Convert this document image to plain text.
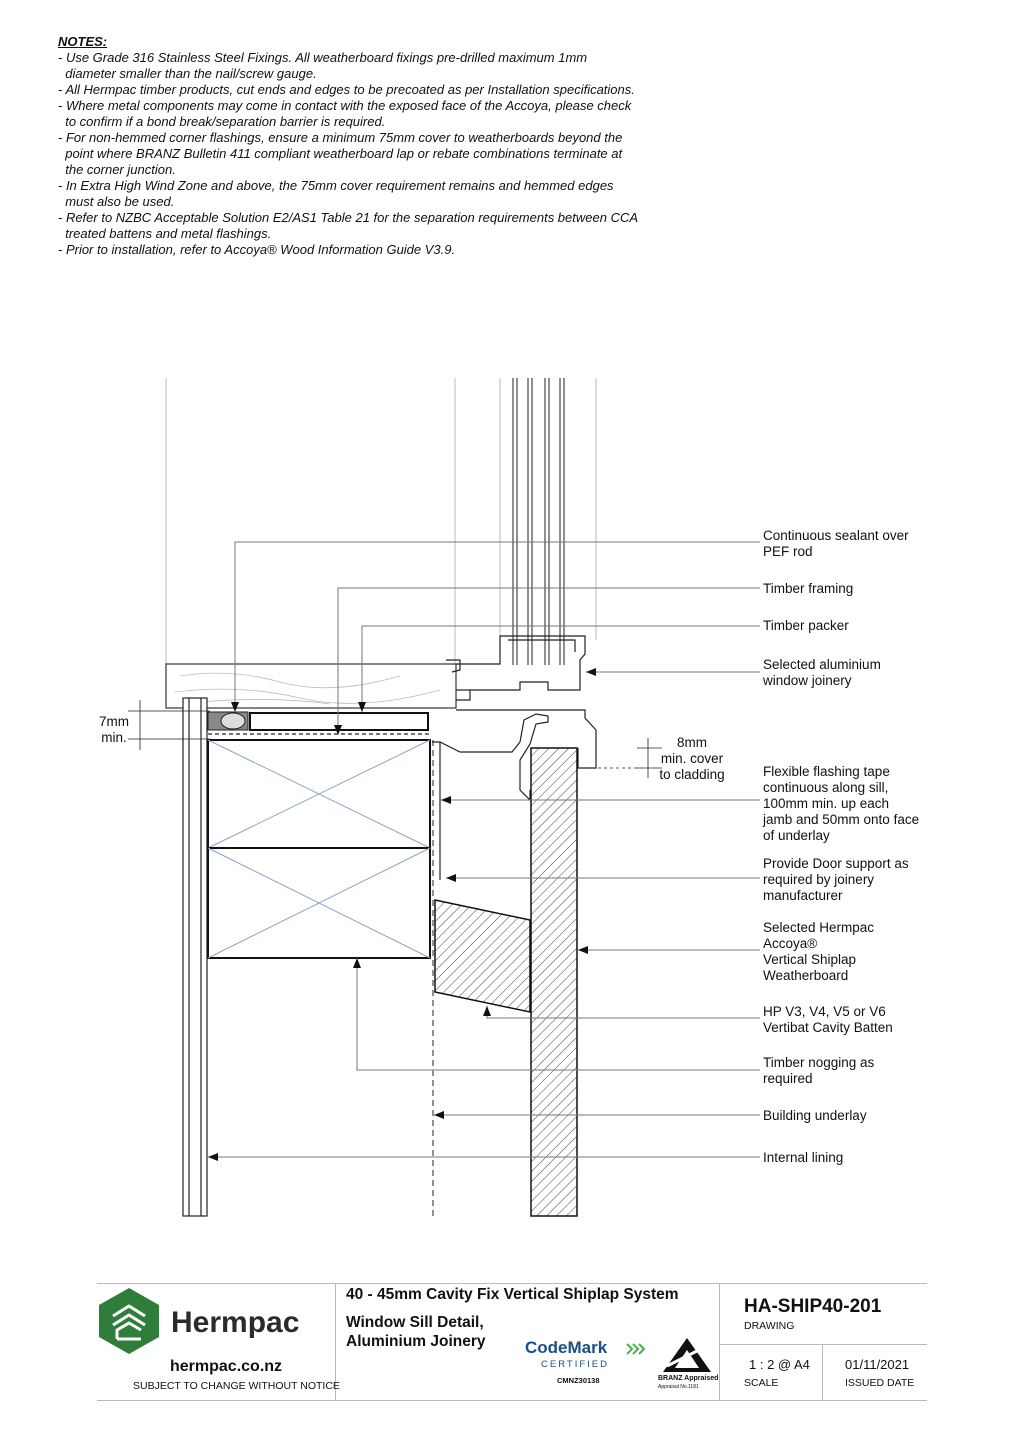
NOTES:
- Use Grade 316 Stainless Steel Fixings. All weatherboard fixings pre-drilled maximum 1mm
diameter smaller than the nail/screw gauge.
- All Hermpac timber products, cut ends and edges to be precoated as per Installation specifications.
- Where metal components may come in contact with the exposed face of the Accoya, please check
to confirm if a bond break/separation barrier is required.
- For non-hemmed corner flashings, ensure a minimum 75mm cover to weatherboards beyond the
point where BRANZ Bulletin 411 compliant weatherboard lap or rebate combinations terminate at
the corner junction.
- In Extra High Wind Zone and above, the 75mm cover requirement remains and hemmed edges
must also be used.
- Refer to NZBC Acceptable Solution E2/AS1 Table 21 for the separation requirements between CCA
treated battens and metal flashings.
- Prior to installation, refer to Accoya® Wood Information Guide V3.9.
7mm
min.	8mm
min. cover
to cladding
Continuous sealant over
PEF rod
Timber framing
Timber packer
Selected aluminium
window joinery
Flexible flashing tape
continuous along sill,
100mm min. up each
jamb and 50mm onto face
of underlay
Provide Door support as
required by joinery
manufacturer
Selected Hermpac
Accoya®
Vertical Shiplap
Weatherboard
HP V3, V4, V5 or V6
Vertibat Cavity Batten
Timber nogging as
required
Building underlay
Internal lining
Hermpac
hermpac.co.nz
SUBJECT TO CHANGE WITHOUT NOTICE
40 - 45mm Cavity Fix Vertical Shiplap System
Window Sill Detail,
Aluminium Joinery CodeMark
CERTIFIED
CMNZ30138	BRANZ Appraised
Appraisal No.1181
HA-SHIP40-201
DRAWING
1 : 2 @ A4
SCALE
01/11/2021
ISSUED DATE
